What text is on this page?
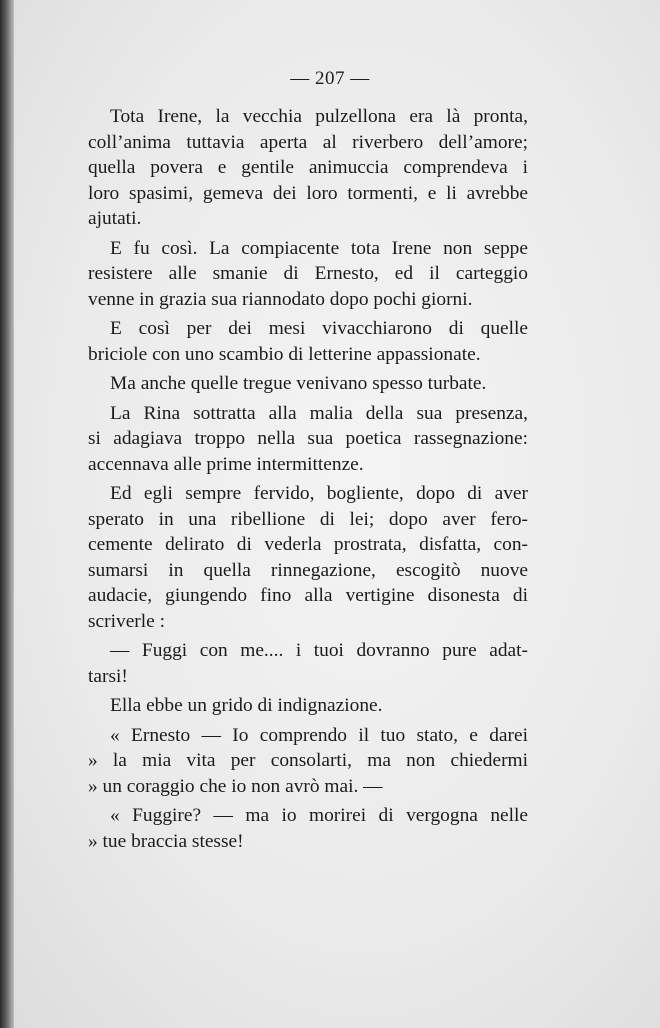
— 207 —
Tota Irene, la vecchia pulzellona era là pronta,
coll’anima tuttavia aperta al riverbero dell’amore;
quella povera e gentile animuccia comprendeva i
loro spasimi, gemeva dei loro tormenti, e li avrebbe
ajutati.
E fu così. La compiacente tota Irene non seppe
resistere alle smanie di Ernesto, ed il carteggio
venne in grazia sua riannodato dopo pochi giorni.
E così per dei mesi vivacchiarono di quelle
briciole con uno scambio di letterine appassionate.
Ma anche quelle tregue venivano spesso turbate.
La Rina sottratta alla malia della sua presenza,
si adagiava troppo nella sua poetica rassegnazione:
accennava alle prime intermittenze.
Ed egli sempre fervido, bogliente, dopo di aver
sperato in una ribellione di lei; dopo aver fero-
cemente delirato di vederla prostrata, disfatta, con-
sumarsi in quella rinnegazione, escogitò nuove
audacie, giungendo fino alla vertigine disonesta di
scriverle :
— Fuggi con me.... i tuoi dovranno pure adat-
tarsi!
Ella ebbe un grido di indignazione.
« Ernesto — Io comprendo il tuo stato, e darei
» la mia vita per consolarti, ma non chiedermi
» un coraggio che io non avrò mai. —
« Fuggire? — ma io morirei di vergogna nelle
» tue braccia stesse!
